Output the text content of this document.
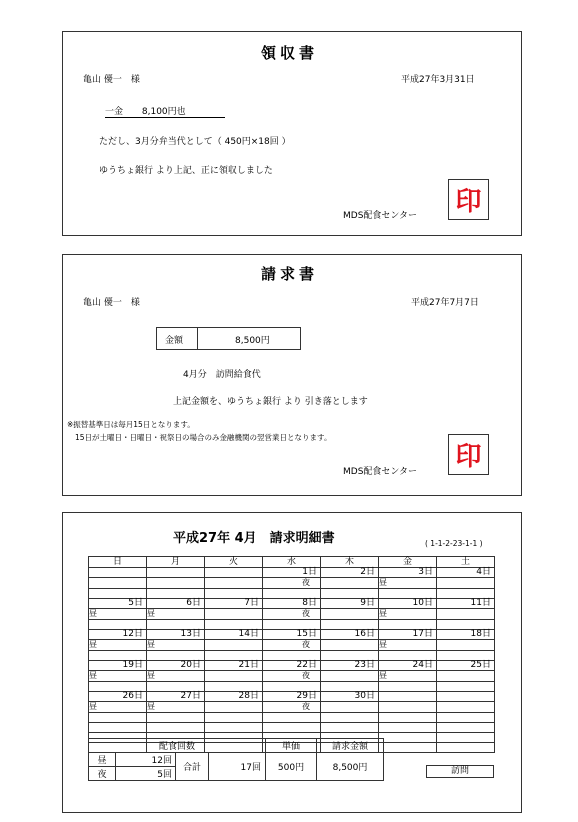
領収書
亀山 優一　様	平成27年3月31日
一金 8,100円也
ただし、3月分弁当代として（ 450円×18回 ）
ゆうちょ銀行 より上記、正に領収しました
MDS配食センター 印
請求書
亀山 優一　様	平成27年7月7日
金額	8,500円
4月分　訪問給食代
上記金額を、ゆうちょ銀行 より 引き落とします
※振替基準日は毎月15日となります。
15日が土曜日・日曜日・祝祭日の場合のみ金融機関の翌営業日となります。
MDS配食センター 印
平成27年 4月　請求明細書	( 1-1-2-23-1-1 )
日	月	火	水	木	金	土
			1日	2日	3日	4日

			夜		昼

5日	6日	7日	8日	9日	10日	11日
昼	昼		夜		昼

12日	13日	14日	15日	16日	17日	18日
昼	昼		夜		昼

19日	20日	21日	22日	23日	24日	25日
昼	昼		夜		昼

26日	27日	28日	29日	30日		
昼	昼		夜			

配食回数				単価	請求金額
昼	12回	合計	17回	500円	8,500円
夜	5回					訪問
